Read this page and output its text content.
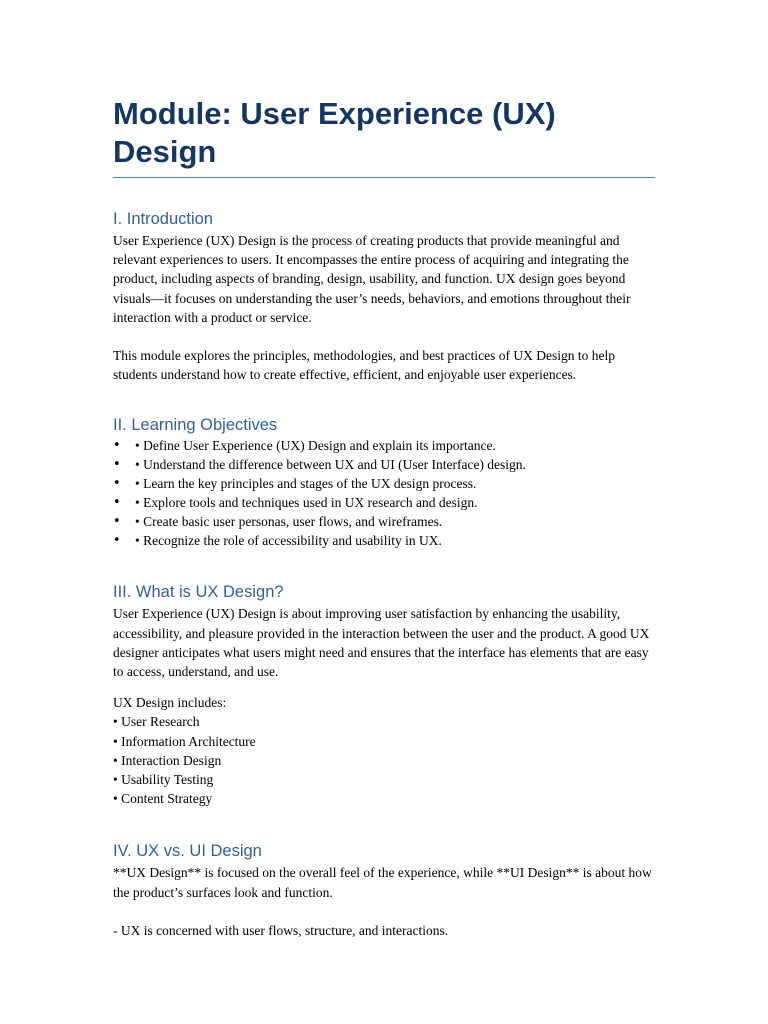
Module: User Experience (UX) Design
I. Introduction

User Experience (UX) Design is the process of creating products that provide meaningful and relevant experiences to users. It encompasses the entire process of acquiring and integrating the product, including aspects of branding, design, usability, and function. UX design goes beyond visuals—it focuses on understanding the user’s needs, behaviors, and emotions throughout their interaction with a product or service.

This module explores the principles, methodologies, and best practices of UX Design to help students understand how to create effective, efficient, and enjoyable user experiences.

II. Learning Objectives
• • Define User Experience (UX) Design and explain its importance.
• • Understand the difference between UX and UI (User Interface) design.
• • Learn the key principles and stages of the UX design process.
• • Explore tools and techniques used in UX research and design.
• • Create basic user personas, user flows, and wireframes.
• • Recognize the role of accessibility and usability in UX.
III. What is UX Design?

User Experience (UX) Design is about improving user satisfaction by enhancing the usability, accessibility, and pleasure provided in the interaction between the user and the product. A good UX designer anticipates what users might need and ensures that the interface has elements that are easy to access, understand, and use.

UX Design includes:
• User Research
• Information Architecture
• Interaction Design
• Usability Testing
• Content Strategy
IV. UX vs. UI Design

**UX Design** is focused on the overall feel of the experience, while **UI Design** is about how the product’s surfaces look and function.

- UX is concerned with user flows, structure, and interactions.
